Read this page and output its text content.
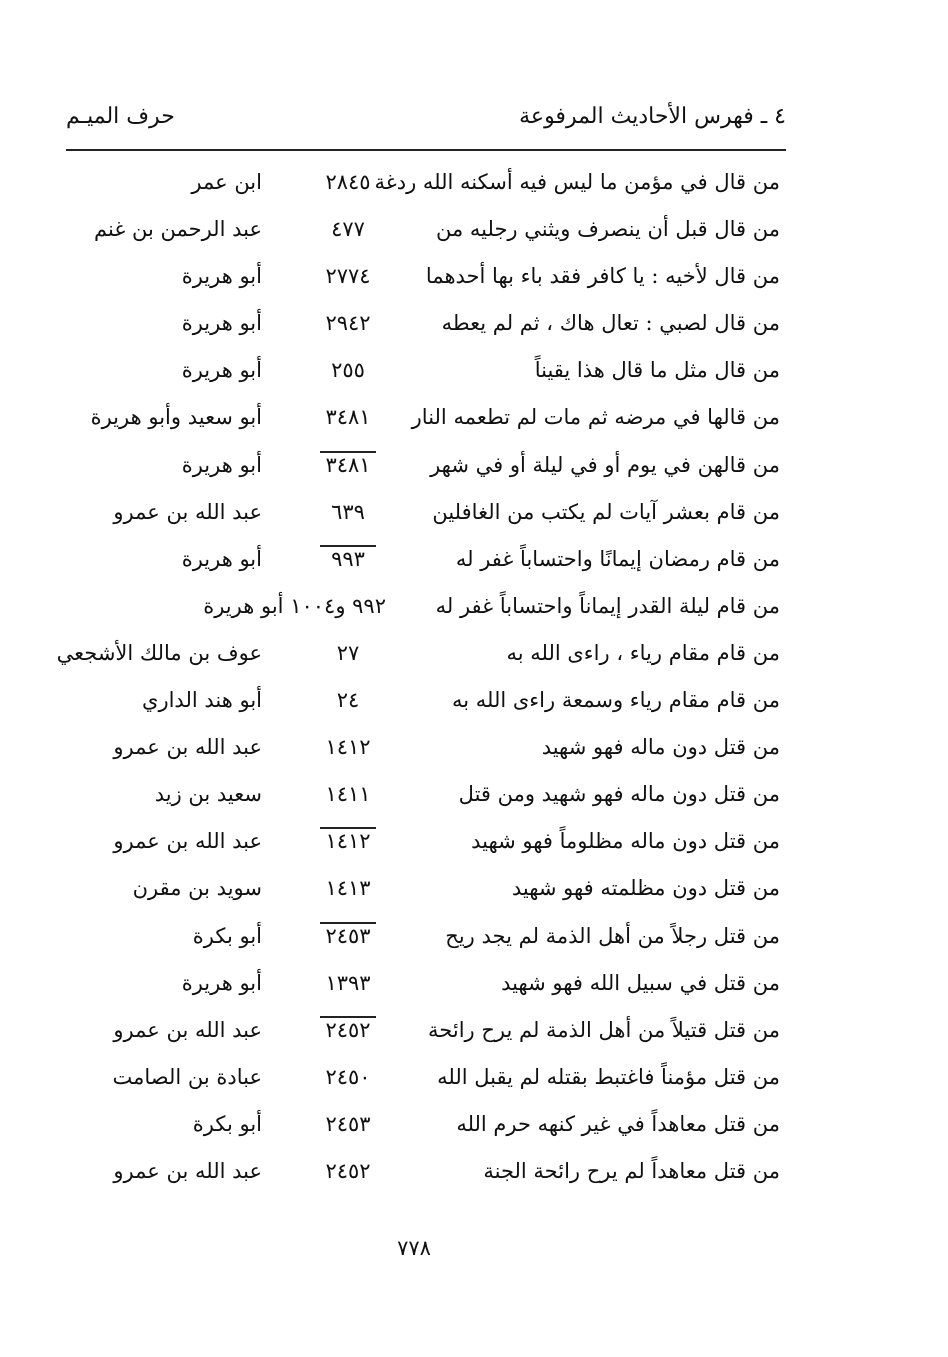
٤ ـ فهرس الأحاديث المرفوعة
حرف الميـم
من قال في مؤمن ما ليس فيه أسكنه الله ردغة
٢٨٤٥
ابن عمر
من قال قبل أن ينصرف ويثني رجليه من
٤٧٧
عبد الرحمن بن غنم
من قال لأخيه : يا كافر فقد باء بها أحدهما
٢٧٧٤
أبو هريرة
من قال لصبي : تعال هاك ، ثم لم يعطه
٢٩٤٢
أبو هريرة
من قال مثل ما قال هذا يقيناً
٢٥٥
أبو هريرة
من قالها في مرضه ثم مات لم تطعمه النار
٣٤٨١
أبو سعيد وأبو هريرة
من قالهن في يوم أو في ليلة أو في شهر
٣٤٨١
أبو هريرة
من قام بعشر آيات لم يكتب من الغافلين
٦٣٩
عبد الله بن عمرو
من قام رمضان إيمانًا واحتساباً غفر له
٩٩٣
أبو هريرة
من قام ليلة القدر إيماناً واحتساباً غفر له
٩٩٢ و١٠٠٤ أبو هريرة
من قام مقام رياء ، راءى الله به
٢٧
عوف بن مالك الأشجعي
من قام مقام رياء وسمعة راءى الله به
٢٤
أبو هند الداري
من قتل دون ماله فهو شهيد
١٤١٢
عبد الله بن عمرو
من قتل دون ماله فهو شهيد ومن قتل
١٤١١
سعيد بن زيد
من قتل دون ماله مظلوماً فهو شهيد
١٤١٢
عبد الله بن عمرو
من قتل دون مظلمته فهو شهيد
١٤١٣
سويد بن مقرن
من قتل رجلاً من أهل الذمة لم يجد ريح
٢٤٥٣
أبو بكرة
من قتل في سبيل الله فهو شهيد
١٣٩٣
أبو هريرة
من قتل قتيلاً من أهل الذمة لم يرح رائحة
٢٤٥٢
عبد الله بن عمرو
من قتل مؤمناً فاغتبط بقتله لم يقبل الله
٢٤٥٠
عبادة بن الصامت
من قتل معاهداً في غير كنهه حرم الله
٢٤٥٣
أبو بكرة
من قتل معاهداً لم يرح رائحة الجنة
٢٤٥٢
عبد الله بن عمرو
٧٧٨
